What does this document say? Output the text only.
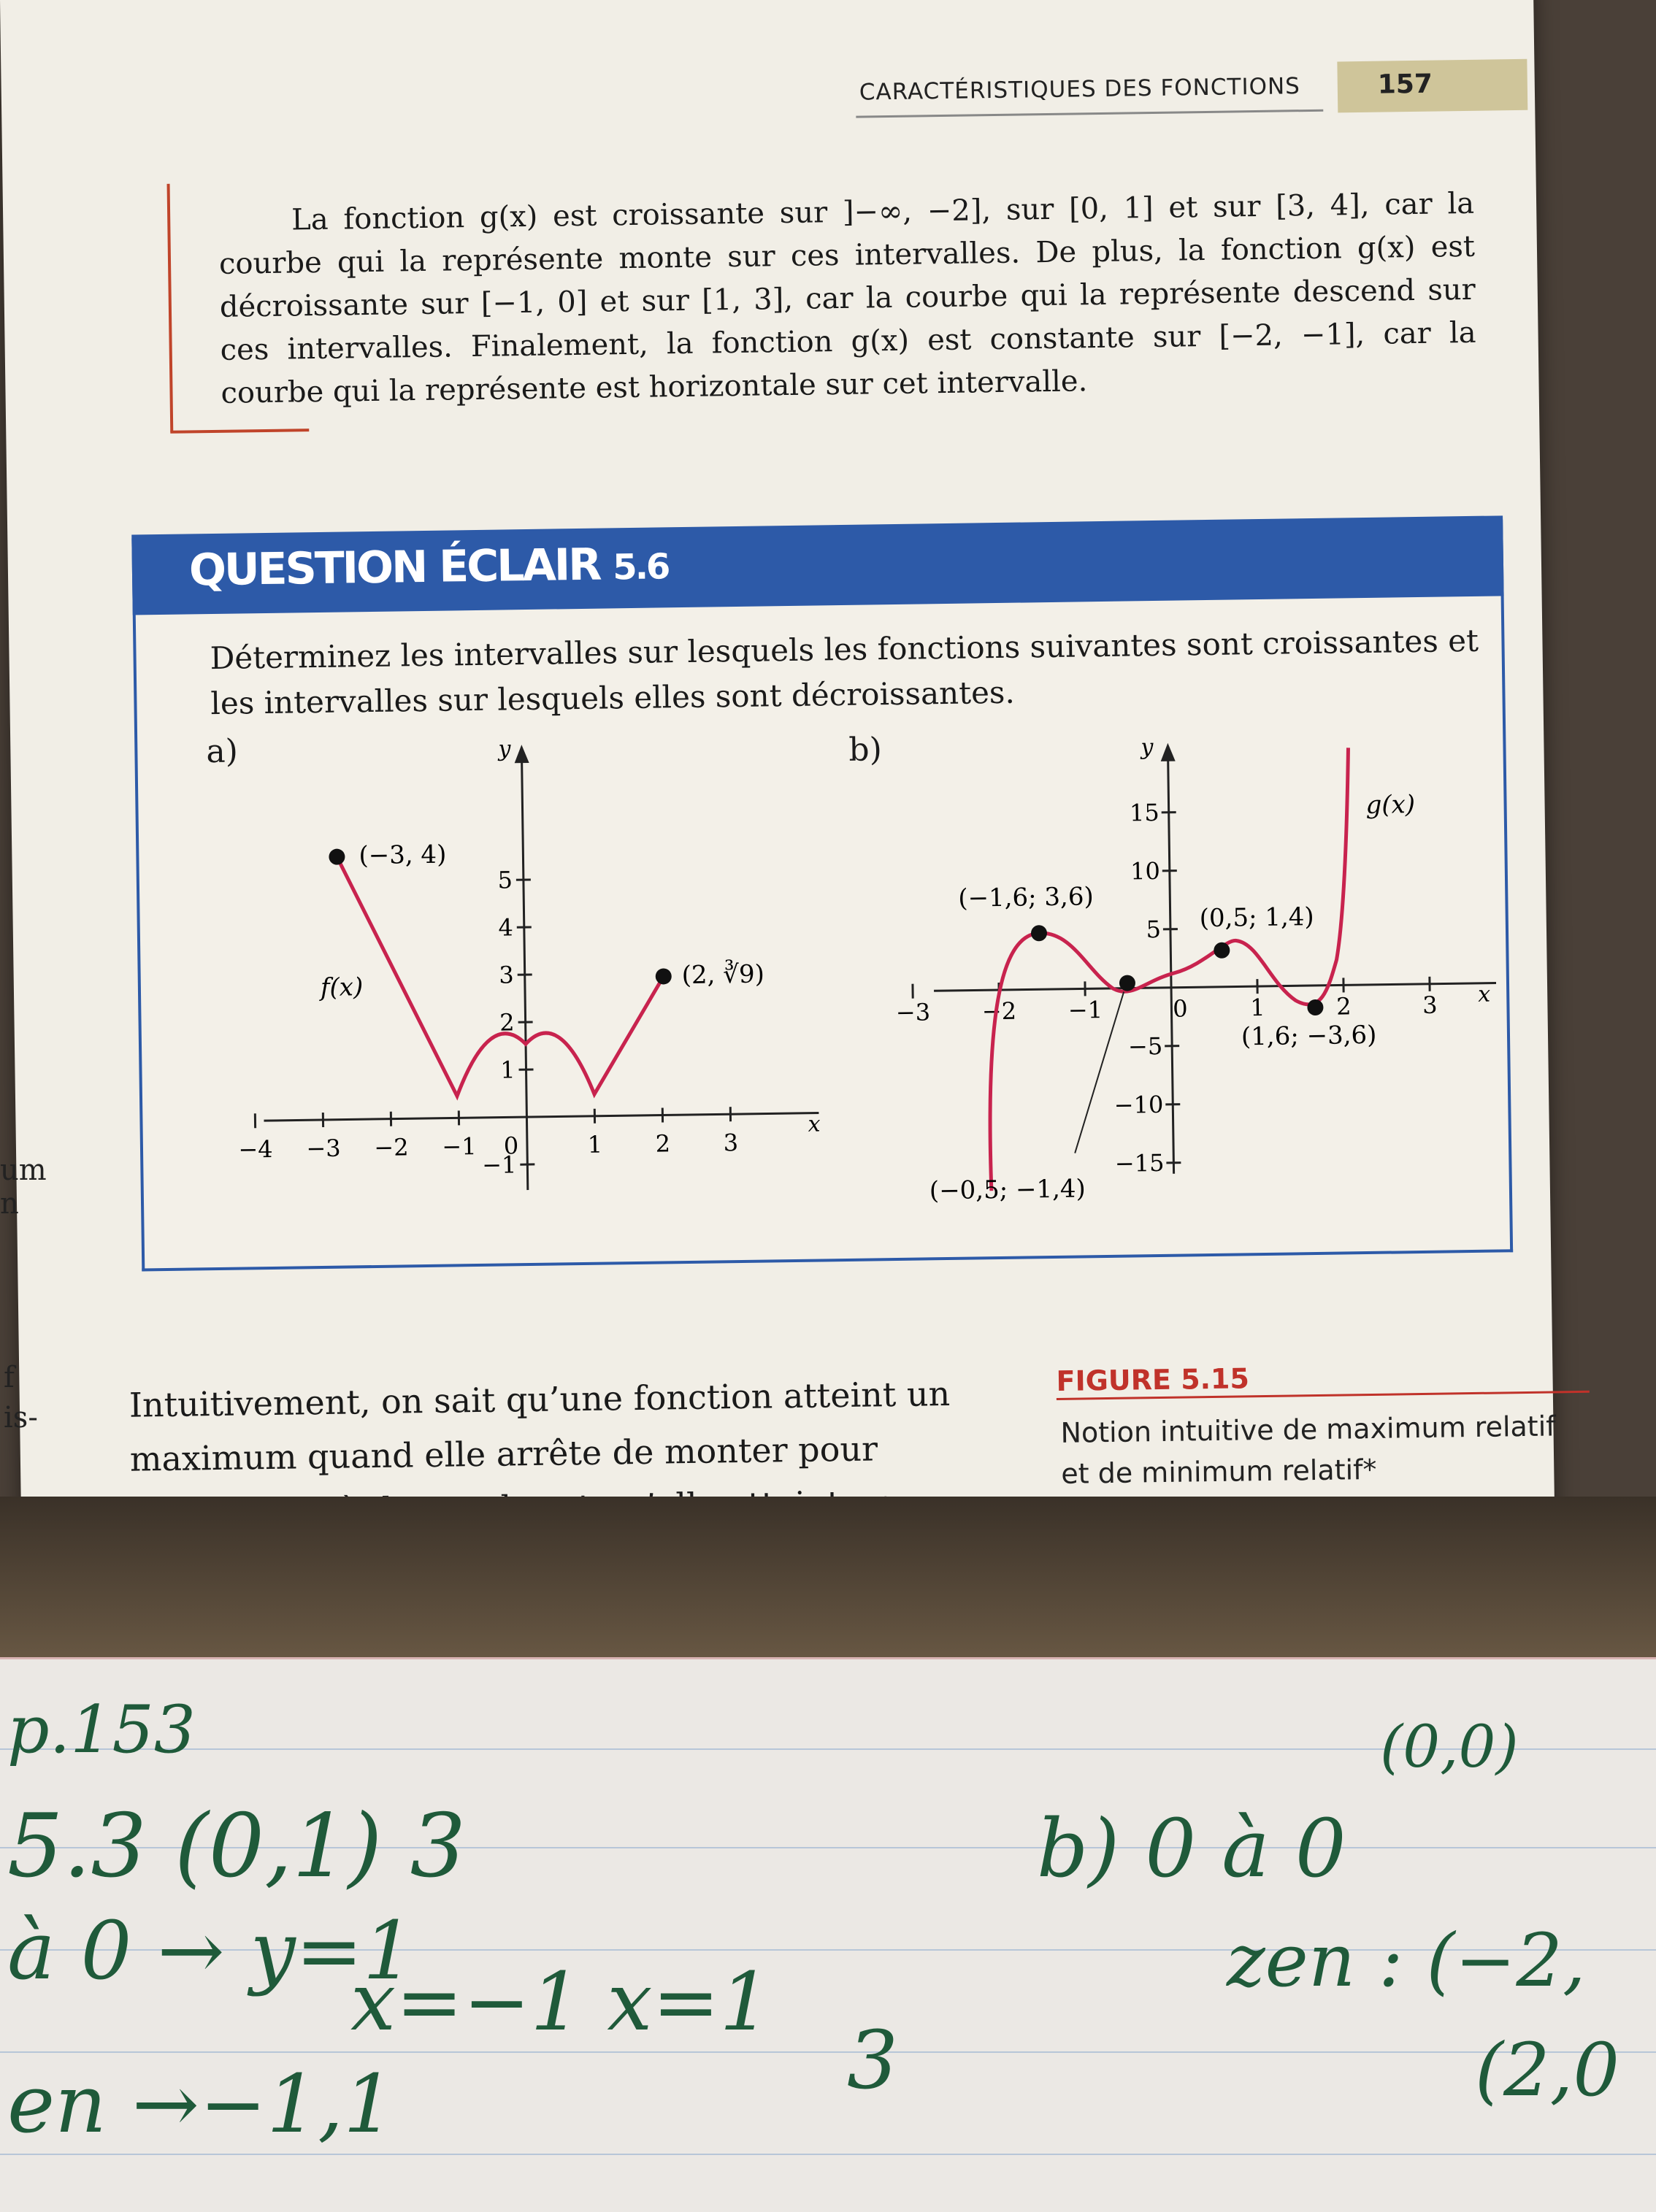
CARACTÉRISTIQUES DES FONCTIONS	157

La fonction g(x) est croissante sur ]−∞, −2], sur [0, 1] et sur [3, 4], car la courbe qui la représente monte sur ces intervalles. De plus, la fonction g(x) est décroissante sur [−1, 0] et sur [1, 3], car la courbe qui la représente descend sur ces intervalles. Finalement, la fonction g(x) est constante sur [−2, −1], car la courbe qui la représente est horizontale sur cet intervalle.

QUESTION ÉCLAIR 5.6
Déterminez les intervalles sur lesquels les fonctions suivantes sont croissantes et les intervalles sur lesquels elles sont décroissantes.
a)	b)
y
x
−4 −3 −2 −1 0	1 2 3
5
4
3
2
1
−1
(−3, 4)
(2, ∛9)
f(x)
y
x
−3 −2 −1	0	1	2	3
15
10
5
−5
−10
−15
(−1,6; 3,6)
(0,5; 1,4)
(1,6; −3,6)
(−0,5; −1,4)
g(x)

Intuitivement, on sait qu’une fonction atteint un maximum quand elle arrête de monter pour

FIGURE 5.15
Notion intuitive de maximum relatif et de minimum relatif*
um
n
f
is-
p.153
5.3 (0,1) 3
à 0 → y=1
x=−1 x=1
3
en →−1,1
b) 0 à 0
(0,0)
zen : (−2,
(2,0
